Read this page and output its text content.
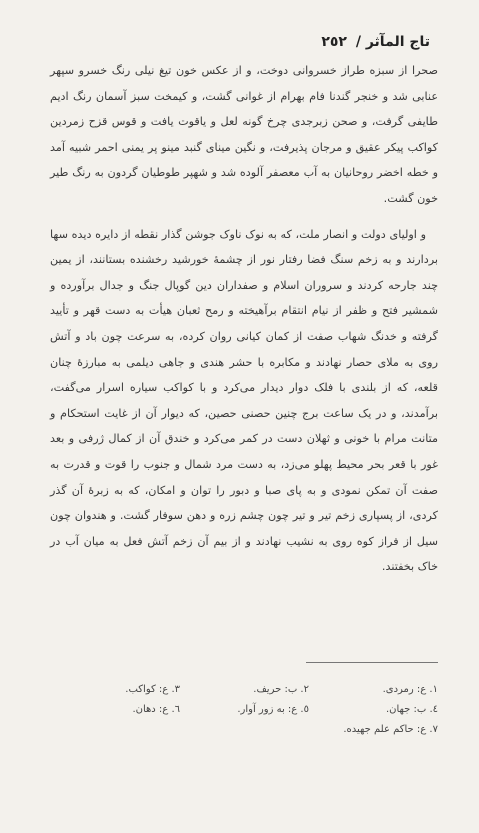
تاج المآثر / ٢٥٢

صحرا از سبزه طراز خسروانی دوخت، و از عکس خون تیغ نیلی رنگ خسرو سپهر عنابی شد و خنجر گندنا فام بهرام از غوانی گشت، و کیمخت سبز آسمان رنگ ادیم طایفی گرفت، و صحن زبرجدی چرخ گونه لعل و یاقوت یافت و قوس قزح زمردین کواکب پیکر عقیق و مرجان پذیرفت، و نگین مینای گنبد مینو پر یمنی احمر شبیه آمد و خطه اخضر روحانیان به آب معصفر آلوده شد و شهپر طوطیان گردون به رنگ طیر خون گشت.

و اولیای دولت و انصار ملت، که به نوک ناوک جوشن گذار نقطه از دایره دیده سها بردارند و به زخم سنگ فضا رفتار نور از چشمهٔ خورشید رخشنده بستانند، از یمین چند جارحه کردند و سروران اسلام و صفداران دین گوپال جنگ و جدال برآورده و شمشیر فتح و ظفر از نیام انتقام برآهیخته و رمح ثعبان هیأت به دست قهر و تأیید گرفته و خدنگ شهاب صفت از کمان کیانی روان کرده، به سرعت چون باد و آتش روی به ملای حصار نهادند و مکابره با حشر هندی و جاهی دیلمی به مبارزهٔ چنان قلعه، که از بلندی با فلک دوار دیدار می‌کرد و با کواکب سیاره اسرار می‌گفت، برآمدند، و در یک ساعت برج چنین حصنی حصین، که دیوار آن از غایت استحکام و متانت مرام با خونی و ثهلان دست در کمر می‌کرد و خندق آن از کمال ژرفی و بعد غور با قعر بحر محیط پهلو می‌زد، به دست مرد شمال و جنوب را قوت و قدرت به صفت آن تمکن نمودی و به پای صبا و دبور را توان و امکان، که به زبرهٔ آن گذر کردی، از پسپاری زخم تیر و تیر چون چشم زره و دهن سوفار گشت. و هندوان چون سیل از فراز کوه روی به نشیب نهادند و از بیم آن زخم آتش فعل به میان آب در خاک بخفتند.

١. ع: رمردی.
٢. ب: حریف.
٣. ع: کواکب.
٤. ب: جهان.
٥. ع: به زور آوار.
٦. ع: دهان.
٧. ع: حاکم علم جهیده.
